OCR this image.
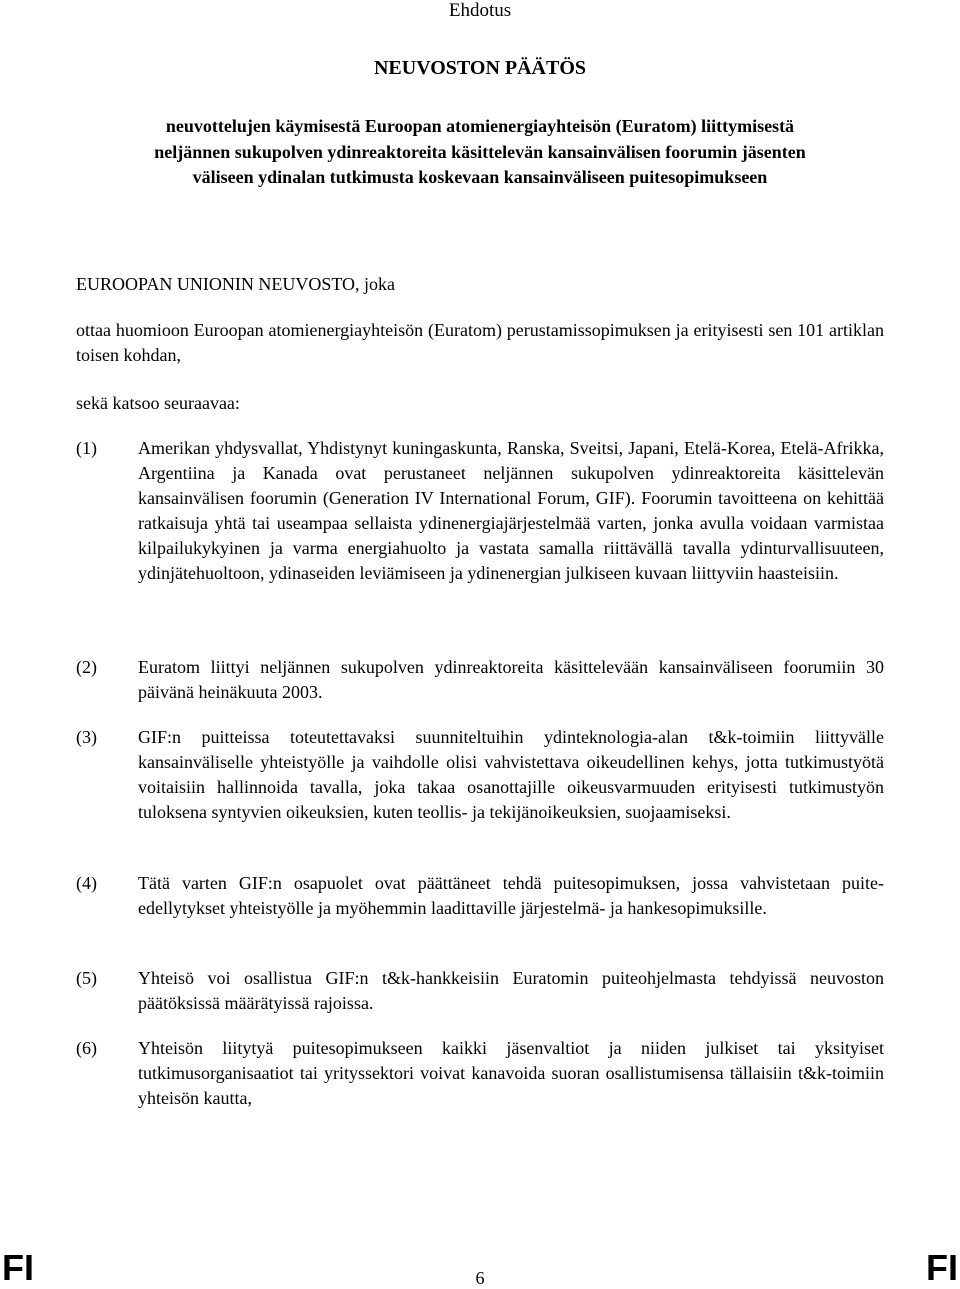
Ehdotus
NEUVOSTON PÄÄTÖS
neuvottelujen käymisestä Euroopan atomienergiayhteisön (Euratom) liittymisestä
neljännen sukupolven ydinreaktoreita käsittelevän kansainvälisen foorumin jäsenten
väliseen ydinalan tutkimusta koskevaan kansainväliseen puitesopimukseen
EUROOPAN UNIONIN NEUVOSTO, joka
ottaa huomioon Euroopan atomienergiayhteisön (Euratom) perustamissopimuksen ja erityisesti sen 101 artiklan toisen kohdan,
sekä katsoo seuraavaa:
(1)	Amerikan yhdysvallat, Yhdistynyt kuningaskunta, Ranska, Sveitsi, Japani, Etelä-Korea, Etelä-Afrikka, Argentiina ja Kanada ovat perustaneet neljännen sukupolven ydinreaktoreita käsittelevän kansainvälisen foorumin (Generation IV International Forum, GIF). Foorumin tavoitteena on kehittää ratkaisuja yhtä tai useampaa sellaista ydinenergiajärjestelmää varten, jonka avulla voidaan varmistaa kilpailukykyinen ja varma energiahuolto ja vastata samalla riittävällä tavalla ydinturvallisuuteen, ydinjätehuoltoon, ydinaseiden leviämiseen ja ydinenergian julkiseen kuvaan liittyviin haasteisiin.
(2)	Euratom liittyi neljännen sukupolven ydinreaktoreita käsittelevään kansainväliseen foorumiin 30 päivänä heinäkuuta 2003.
(3)	GIF:n puitteissa toteutettavaksi suunniteltuihin ydinteknologia-alan t&k-toimiin liittyvälle kansainväliselle yhteistyölle ja vaihdolle olisi vahvistettava oikeudellinen kehys, jotta tutkimustyötä voitaisiin hallinnoida tavalla, joka takaa osanottajille oikeusvarmuuden erityisesti tutkimustyön tuloksena syntyvien oikeuksien, kuten teollis- ja tekijänoikeuksien, suojaamiseksi.
(4)	Tätä varten GIF:n osapuolet ovat päättäneet tehdä puitesopimuksen, jossa vahvistetaan puite-edellytykset yhteistyölle ja myöhemmin laadittaville järjestelmä- ja hankesopimuksille.
(5)	Yhteisö voi osallistua GIF:n t&k-hankkeisiin Euratomin puiteohjelmasta tehdyissä neuvoston päätöksissä määrätyissä rajoissa.
(6)	Yhteisön liitytyä puitesopimukseen kaikki jäsenvaltiot ja niiden julkiset tai yksityiset tutkimusorganisaatiot tai yrityssektori voivat kanavoida suoran osallistumisensa tällaisiin t&k-toimiin yhteisön kautta,
FI	6	FI
